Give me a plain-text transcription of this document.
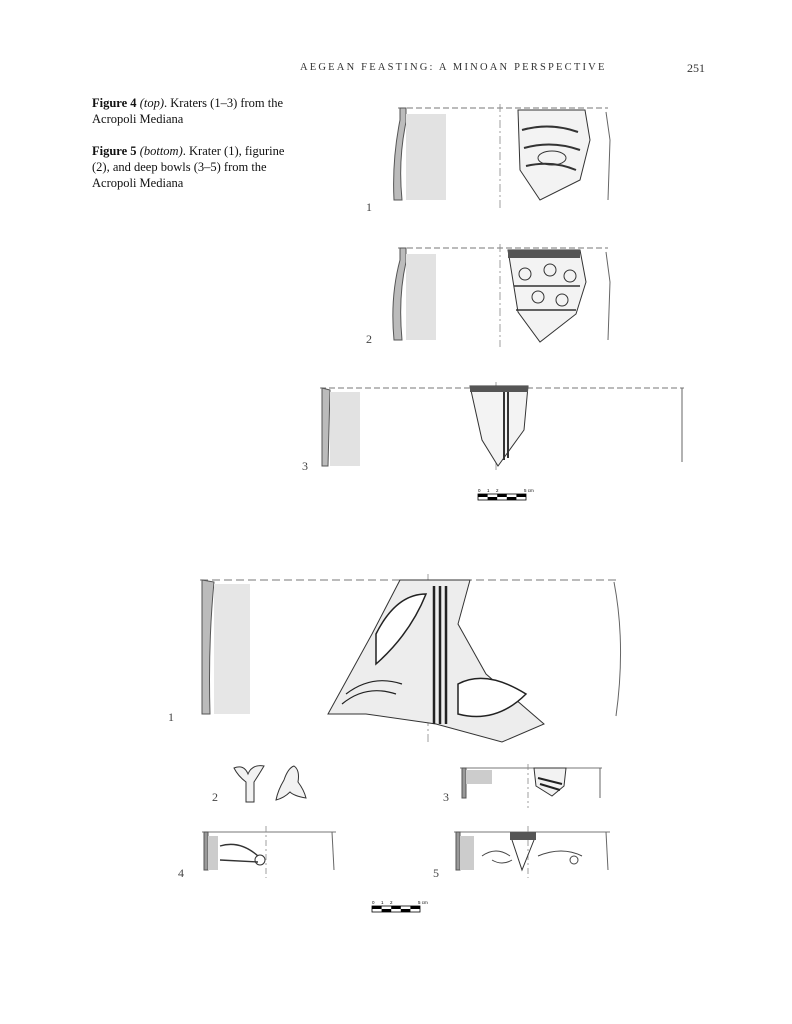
AEGEAN FEASTING: A MINOAN PERSPECTIVE	251
Figure 4 (top). Kraters (1–3) from the Acropoli Mediana
Figure 5 (bottom). Krater (1), figurine (2), and deep bowls (3–5) from the Acropoli Mediana
1
2
3
0 1 2	5 cm
1
2	3
4	5
0 1 2	5 cm
